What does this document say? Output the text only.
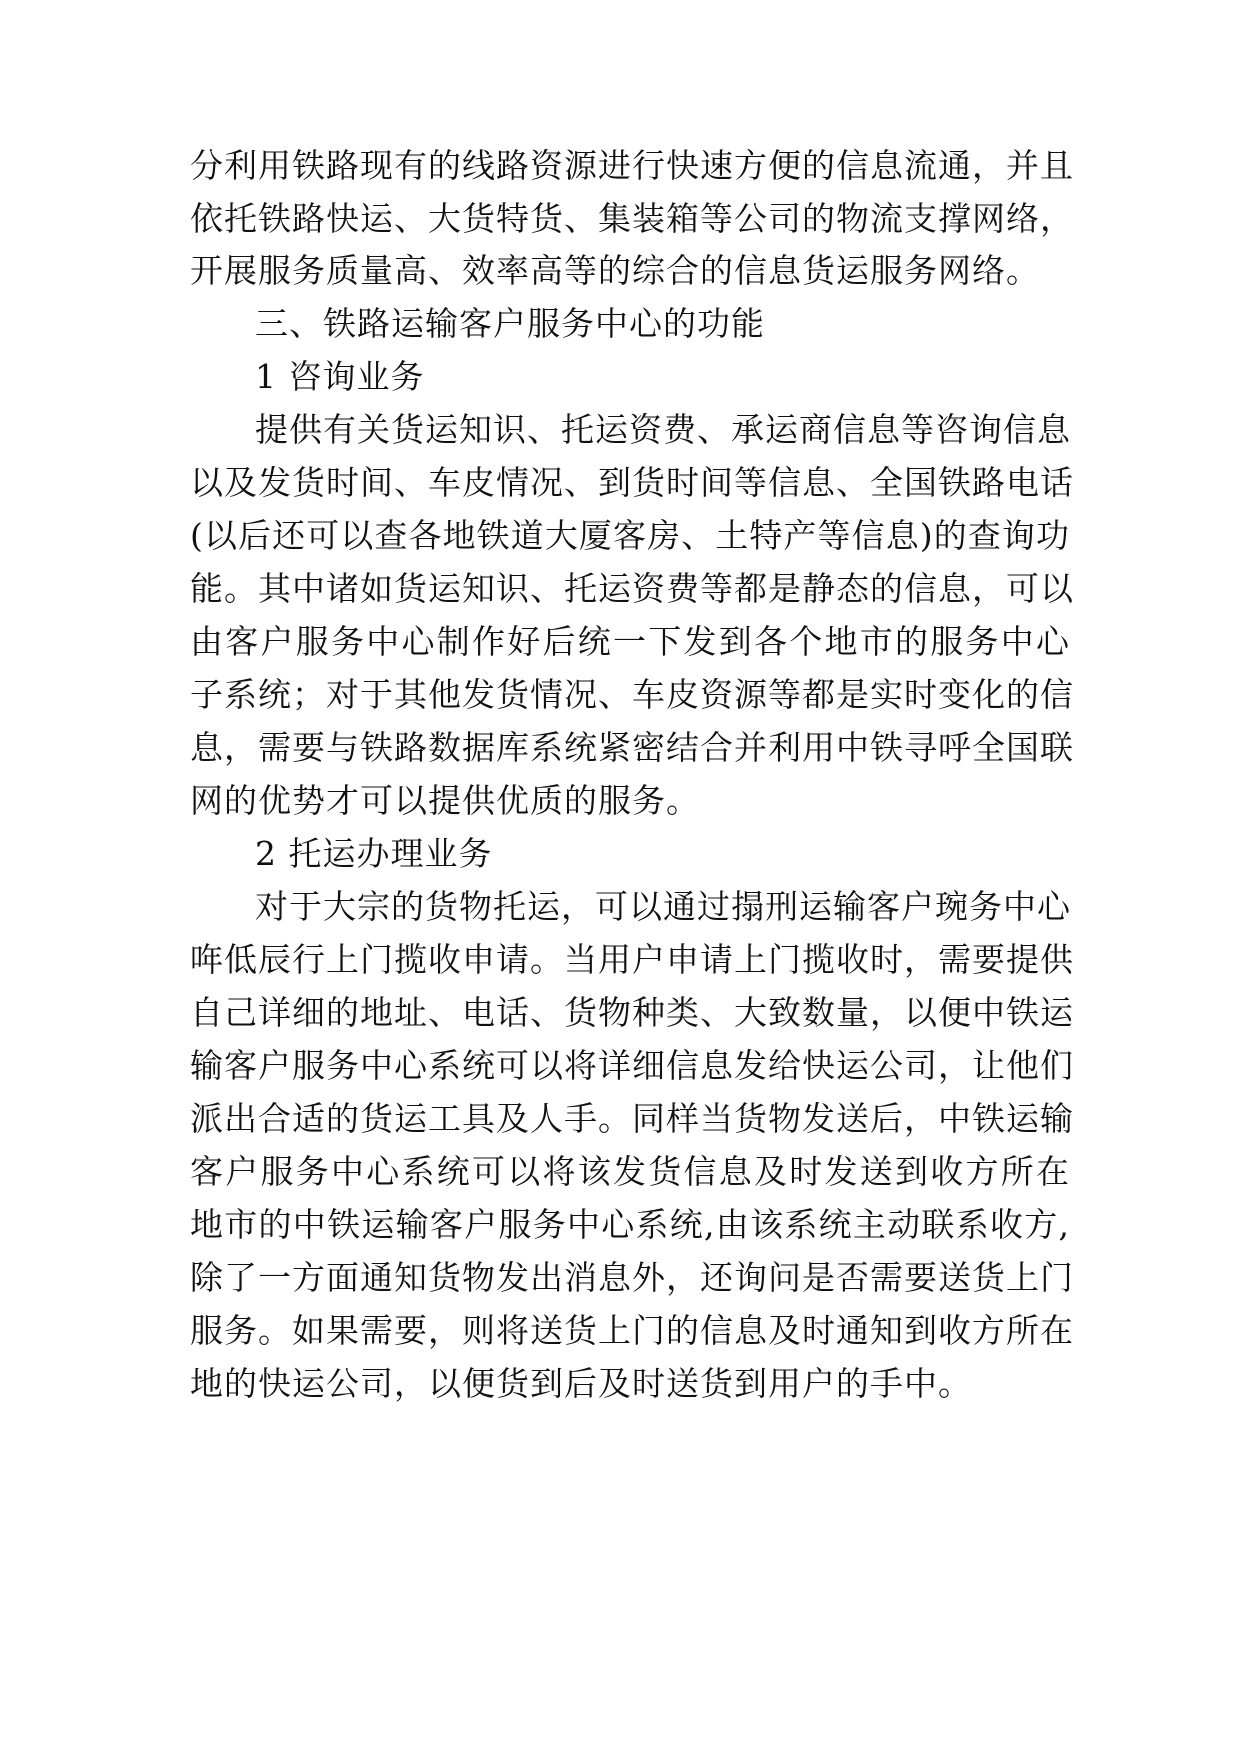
分利用铁路现有的线路资源进行快速方便的信息流通，并且
依托铁路快运、大货特货、集装箱等公司的物流支撑网络，
开展服务质量高、效率高等的综合的信息货运服务网络。
三、铁路运输客户服务中心的功能
1 咨询业务
提供有关货运知识、托运资费、承运商信息等咨询信息
以及发货时间、车皮情况、到货时间等信息、全国铁路电话
(以后还可以查各地铁道大厦客房、土特产等信息)的查询功
能。其中诸如货运知识、托运资费等都是静态的信息，可以
由客户服务中心制作好后统一下发到各个地市的服务中心
子系统；对于其他发货情况、车皮资源等都是实时变化的信
息，需要与铁路数据库系统紧密结合并利用中铁寻呼全国联
网的优势才可以提供优质的服务。
2 托运办理业务
对于大宗的货物托运，可以通过搨刑运输客户琬务中心
哖低辰行上门揽收申请。当用户申请上门揽收时，需要提供
自己详细的地址、电话、货物种类、大致数量，以便中铁运
输客户服务中心系统可以将详细信息发给快运公司，让他们
派出合适的货运工具及人手。同样当货物发送后，中铁运输
客户服务中心系统可以将该发货信息及时发送到收方所在
地市的中铁运输客户服务中心系统,由该系统主动联系收方,
除了一方面通知货物发出消息外，还询问是否需要送货上门
服务。如果需要，则将送货上门的信息及时通知到收方所在
地的快运公司，以便货到后及时送货到用户的手中。
